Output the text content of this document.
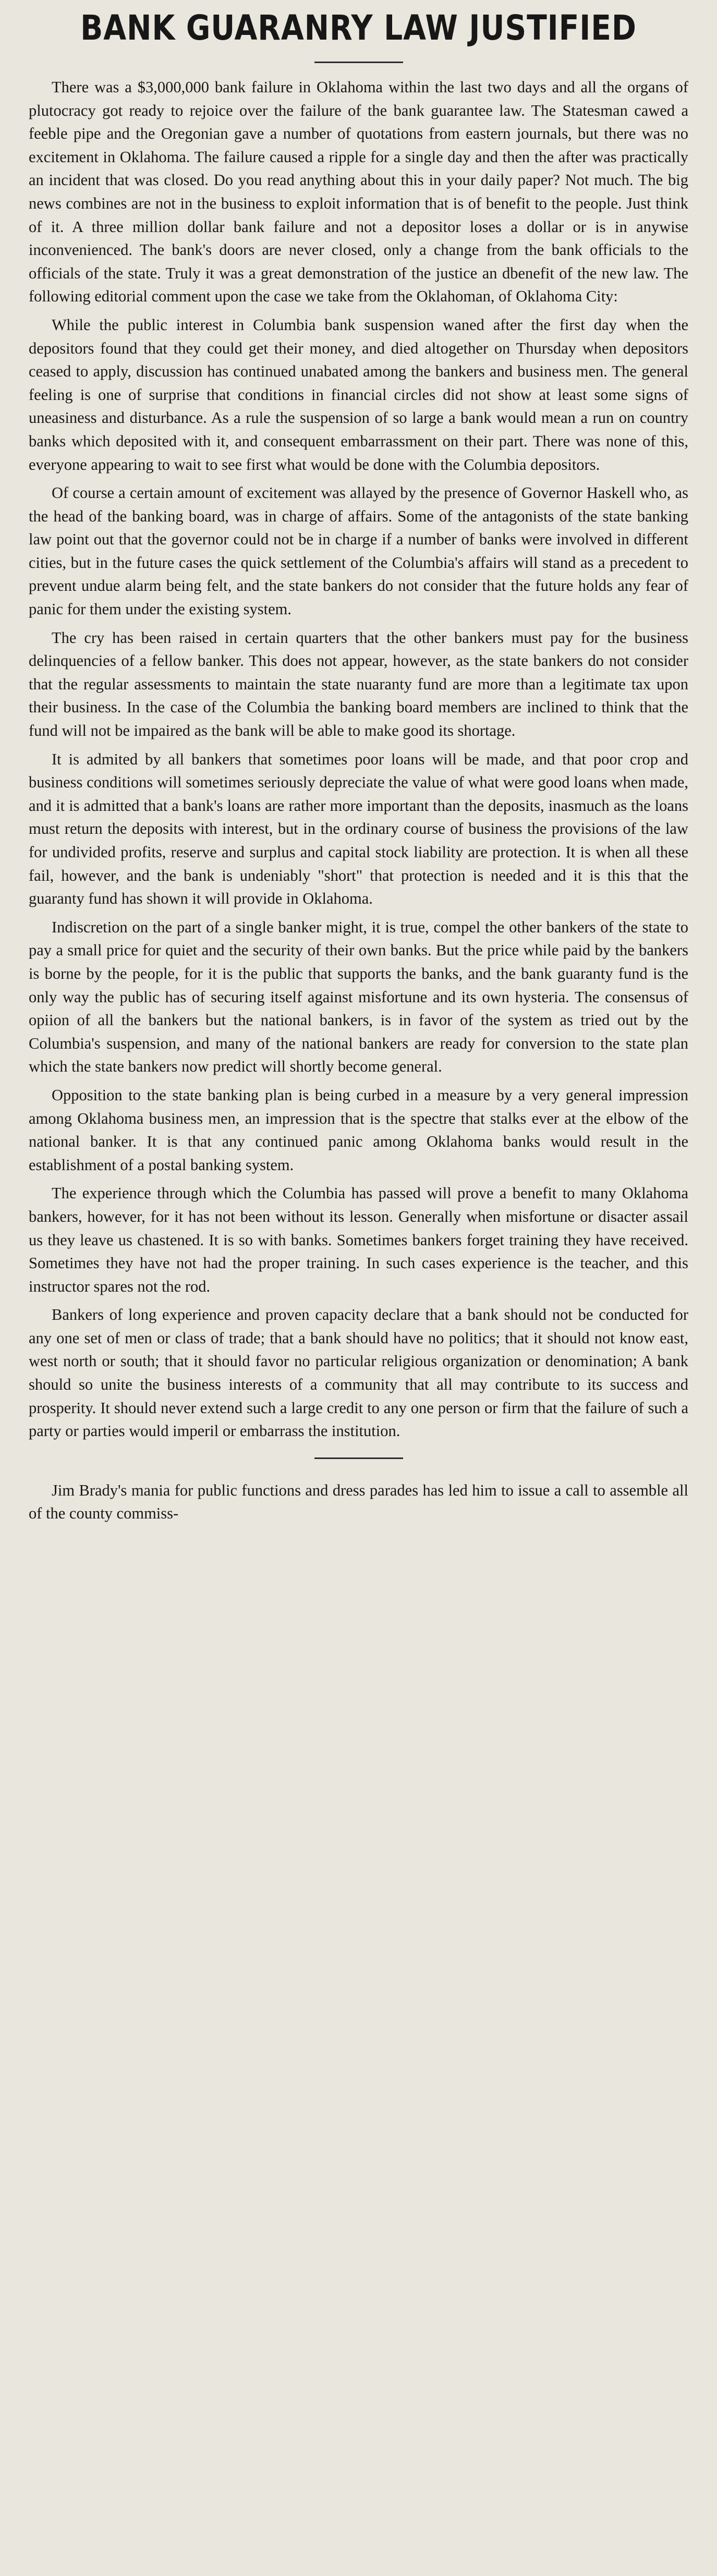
BANK GUARANRY LAW JUSTIFIED

There was a $3,000,000 bank failure in Oklahoma within the last two days and all the organs of plutocracy got ready to rejoice over the failure of the bank guarantee law. The Statesman cawed a feeble pipe and the Oregonian gave a number of quotations from eastern journals, but there was no excitement in Oklahoma. The failure caused a ripple for a single day and then the after was practically an incident that was closed. Do you read anything about this in your daily paper? Not much. The big news combines are not in the business to exploit information that is of benefit to the people. Just think of it. A three million dollar bank failure and not a depositor loses a dollar or is in anywise inconvenienced. The bank's doors are never closed, only a change from the bank officials to the officials of the state. Truly it was a great demonstration of the justice an dbenefit of the new law. The following editorial comment upon the case we take from the Oklahoman, of Oklahoma City:

While the public interest in Columbia bank suspension waned after the first day when the depositors found that they could get their money, and died altogether on Thursday when depositors ceased to apply, discussion has continued unabated among the bankers and business men. The general feeling is one of surprise that conditions in financial circles did not show at least some signs of uneasiness and disturbance. As a rule the suspension of so large a bank would mean a run on country banks which deposited with it, and consequent embarrassment on their part. There was none of this, everyone appearing to wait to see first what would be done with the Columbia depositors.

Of course a certain amount of excitement was allayed by the presence of Governor Haskell who, as the head of the banking board, was in charge of affairs. Some of the antagonists of the state banking law point out that the governor could not be in charge if a number of banks were involved in different cities, but in the future cases the quick settlement of the Columbia's affairs will stand as a precedent to prevent undue alarm being felt, and the state bankers do not consider that the future holds any fear of panic for them under the existing system.

The cry has been raised in certain quarters that the other bankers must pay for the business delinquencies of a fellow banker. This does not appear, however, as the state bankers do not consider that the regular assessments to maintain the state nuaranty fund are more than a legitimate tax upon their business. In the case of the Columbia the banking board members are inclined to think that the fund will not be impaired as the bank will be able to make good its shortage.

It is admited by all bankers that sometimes poor loans will be made, and that poor crop and business conditions will sometimes seriously depreciate the value of what were good loans when made, and it is admitted that a bank's loans are rather more important than the deposits, inasmuch as the loans must return the deposits with interest, but in the ordinary course of business the provisions of the law for undivided profits, reserve and surplus and capital stock liability are protection. It is when all these fail, however, and the bank is undeniably "short" that protection is needed and it is this that the guaranty fund has shown it will provide in Oklahoma.

Indiscretion on the part of a single banker might, it is true, compel the other bankers of the state to pay a small price for quiet and the security of their own banks. But the price while paid by the bankers is borne by the people, for it is the public that supports the banks, and the bank guaranty fund is the only way the public has of securing itself against misfortune and its own hysteria. The consensus of opiion of all the bankers but the national bankers, is in favor of the system as tried out by the Columbia's suspension, and many of the national bankers are ready for conversion to the state plan which the state bankers now predict will shortly become general.

Opposition to the state banking plan is being curbed in a measure by a very general impression among Oklahoma business men, an impression that is the spectre that stalks ever at the elbow of the national banker. It is that any continued panic among Oklahoma banks would result in the establishment of a postal banking system.

The experience through which the Columbia has passed will prove a benefit to many Oklahoma bankers, however, for it has not been without its lesson. Generally when misfortune or disacter assail us they leave us chastened. It is so with banks. Sometimes bankers forget training they have received. Sometimes they have not had the proper training. In such cases experience is the teacher, and this instructor spares not the rod.

Bankers of long experience and proven capacity declare that a bank should not be conducted for any one set of men or class of trade; that a bank should have no politics; that it should not know east, west north or south; that it should favor no particular religious organization or denomination; A bank should so unite the business interests of a community that all may contribute to its success and prosperity. It should never extend such a large credit to any one person or firm that the failure of such a party or parties would imperil or embarrass the institution.

Jim Brady's mania for public functions and dress parades has led him to issue a call to assemble all of the county commiss-
